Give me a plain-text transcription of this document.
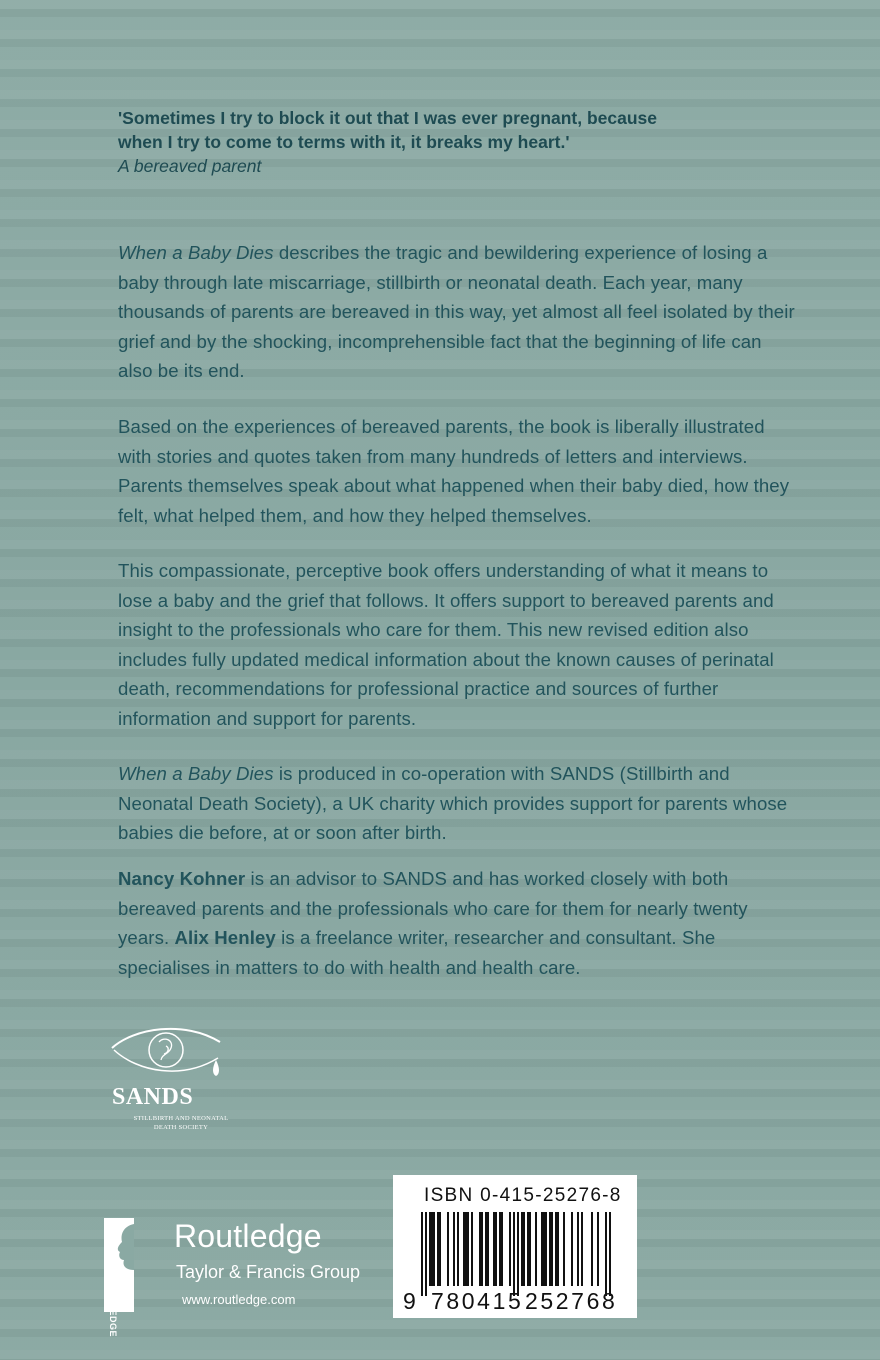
'Sometimes I try to block it out that I was ever pregnant, because
when I try to come to terms with it, it breaks my heart.'
A bereaved parent
When a Baby Dies describes the tragic and bewildering experience of losing a baby through late miscarriage, stillbirth or neonatal death. Each year, many thousands of parents are bereaved in this way, yet almost all feel isolated by their grief and by the shocking, incomprehensible fact that the beginning of life can also be its end.
Based on the experiences of bereaved parents, the book is liberally illustrated with stories and quotes taken from many hundreds of letters and interviews. Parents themselves speak about what happened when their baby died, how they felt, what helped them, and how they helped themselves.
This compassionate, perceptive book offers understanding of what it means to lose a baby and the grief that follows. It offers support to bereaved parents and insight to the professionals who care for them. This new revised edition also includes fully updated medical information about the known causes of perinatal death, recommendations for professional practice and sources of further information and support for parents.
When a Baby Dies is produced in co-operation with SANDS (Stillbirth and Neonatal Death Society), a UK charity which provides support for parents whose babies die before, at or soon after birth.
Nancy Kohner is an advisor to SANDS and has worked closely with both bereaved parents and the professionals who care for them for nearly twenty years. Alix Henley is a freelance writer, researcher and consultant. She specialises in matters to do with health and health care.
SANDS
STILLBIRTH AND NEONATAL
DEATH SOCIETY
ROUTLEDGE
Routledge
Taylor & Francis Group
www.routledge.com
ISBN 0-415-25276-8
9 780415 252768
